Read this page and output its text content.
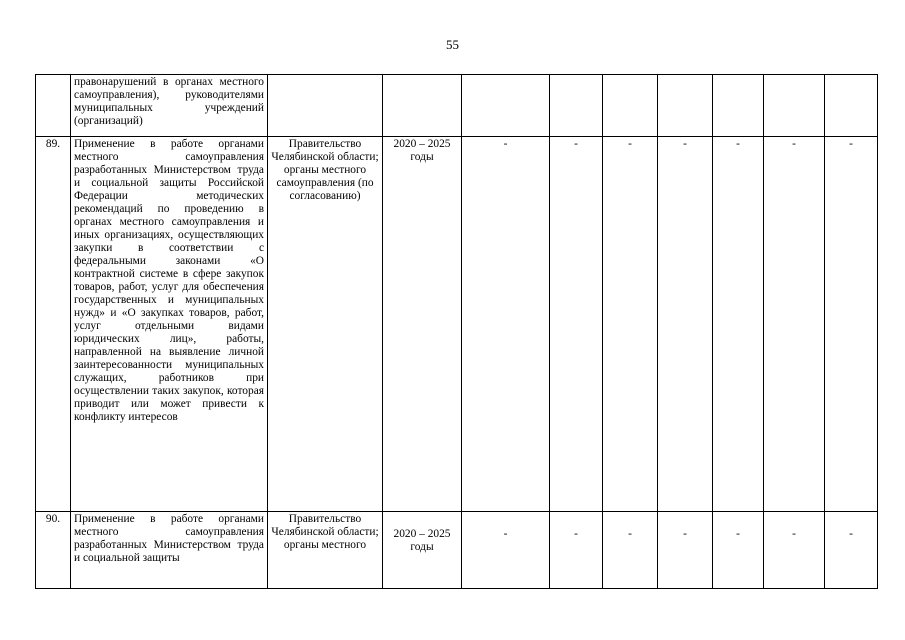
55
	правонарушений в органах местного самоуправления), руководителями муниципальных учреждений (организаций)									
89.	Применение в работе органами местного самоуправления разработанных Министерством труда и социальной защиты Российской Федерации методических рекомендаций по проведению в органах местного самоуправления и иных организациях, осуществляющих закупки в соответствии с федеральными законами «О контрактной системе в сфере закупок товаров, работ, услуг для обеспечения государственных и муниципальных нужд» и «О закупках товаров, работ, услуг отдельными видами юридических лиц», работы, направленной на выявление личной заинтересованности муниципальных служащих, работников при осуществлении таких закупок, которая приводит или может привести к конфликту интересов	Правительство Челябинской области; органы местного самоуправления (по согласованию)	2020 – 2025 годы	-	-	-	-	-	-	-
90.	Применение в работе органами местного самоуправления разработанных Министерством труда и социальной защиты	Правительство Челябинской области; органы местного	2020 – 2025 годы	-	-	-	-	-	-	-
